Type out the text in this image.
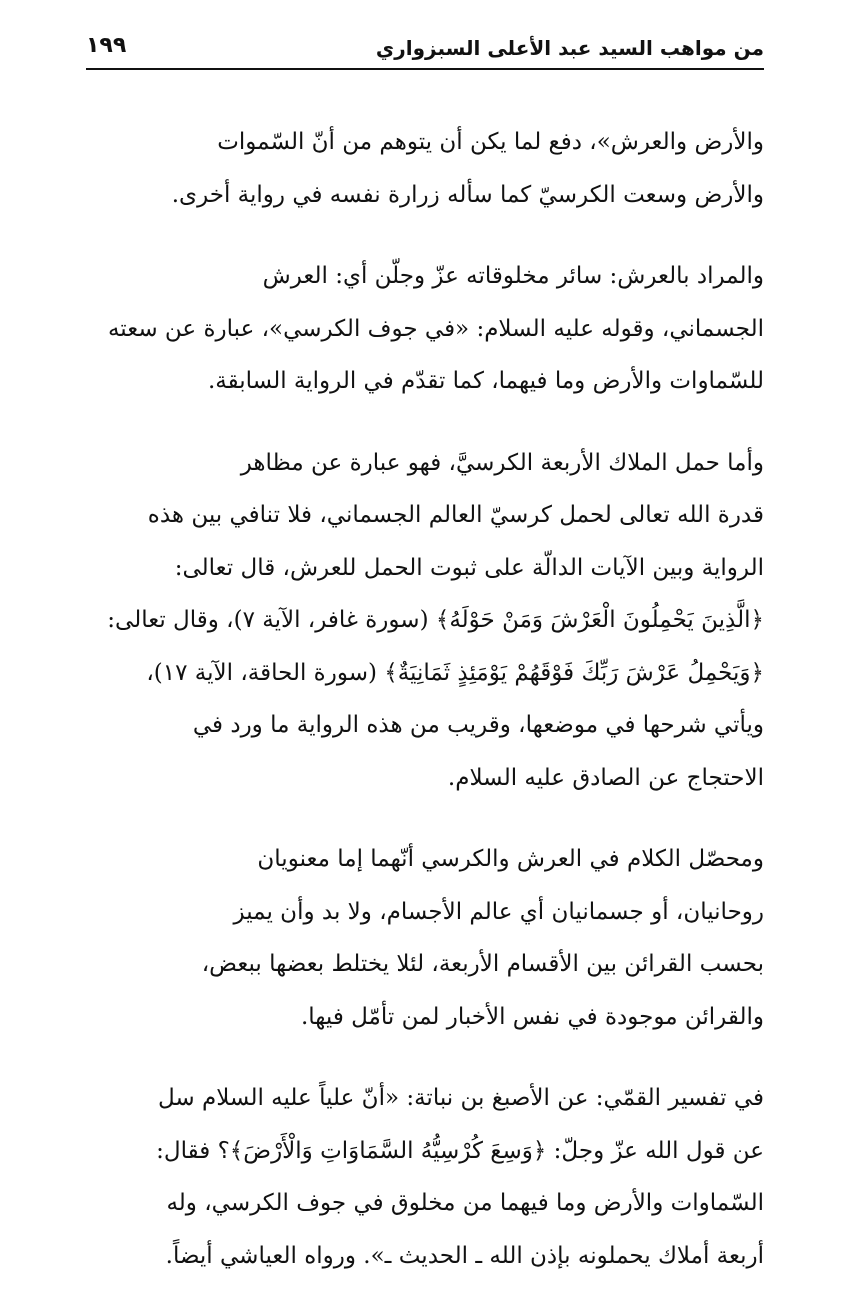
من مواهب السيد عبد الأعلى السبزواري
١٩٩

والأرض والعرش»، دفع لما يكن أن يتوهم من أنّ السّموات
والأرض وسعت الكرسيّ كما سأله زرارة نفسه في رواية أخرى.

والمراد بالعرش: سائر مخلوقاته عزّ وجلّن أي: العرش
الجسماني، وقوله عليه السلام: «في جوف الكرسي»، عبارة عن سعته
للسّماوات والأرض وما فيهما، كما تقدّم في الرواية السابقة.

وأما حمل الملاك الأربعة الكرسيَّ، فهو عبارة عن مظاهر
قدرة الله تعالى لحمل كرسيّ العالم الجسماني، فلا تنافي بين هذه
الرواية وبين الآيات الدالّة على ثبوت الحمل للعرش، قال تعالى:
﴿الَّذِينَ يَحْمِلُونَ الْعَرْشَ وَمَنْ حَوْلَهُ﴾ (سورة غافر، الآية ٧)، وقال تعالى:
﴿وَيَحْمِلُ عَرْشَ رَبِّكَ فَوْقَهُمْ يَوْمَئِذٍ ثَمَانِيَةٌ﴾ (سورة الحاقة، الآية ١٧)،
ويأتي شرحها في موضعها، وقريب من هذه الرواية ما ورد في
الاحتجاج عن الصادق عليه السلام.

ومحصّل الكلام في العرش والكرسي أنّهما إما معنويان
روحانيان، أو جسمانيان أي عالم الأجسام، ولا بد وأن يميز
بحسب القرائن بين الأقسام الأربعة، لئلا يختلط بعضها ببعض،
والقرائن موجودة في نفس الأخبار لمن تأمّل فيها.

في تفسير القمّي: عن الأصبغ بن نباتة: «أنّ علياً عليه السلام سل
عن قول الله عزّ وجلّ: ﴿وَسِعَ كُرْسِيُّهُ السَّمَاوَاتِ وَالْأَرْضَ﴾؟ فقال:
السّماوات والأرض وما فيهما من مخلوق في جوف الكرسي، وله
أربعة أملاك يحملونه بإذن الله ـ الحديث ـ». ورواه العياشي أيضاً.
